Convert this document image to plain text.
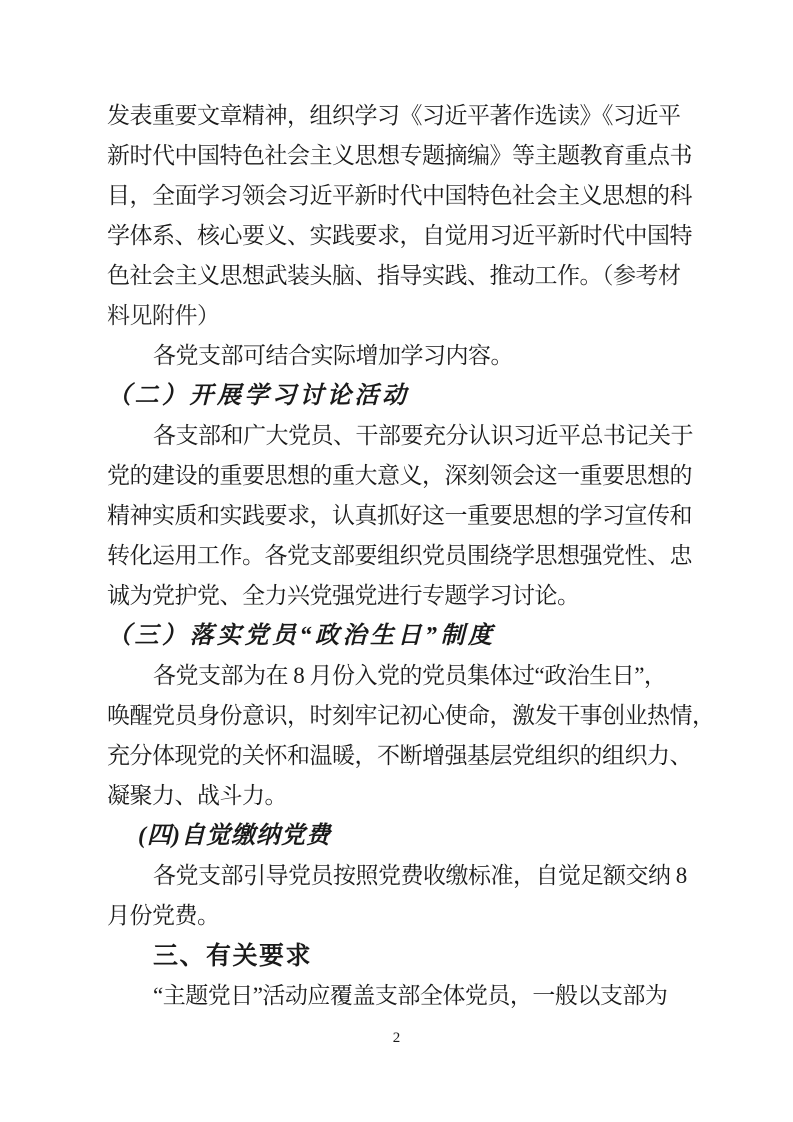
发表重要文章精神，组织学习《习近平著作选读》《习近平
新时代中国特色社会主义思想专题摘编》等主题教育重点书
目，全面学习领会习近平新时代中国特色社会主义思想的科
学体系、核心要义、实践要求，自觉用习近平新时代中国特
色社会主义思想武装头脑、指导实践、推动工作。（参考材
料见附件）
各党支部可结合实际增加学习内容。
（二）开展学习讨论活动
各支部和广大党员、干部要充分认识习近平总书记关于
党的建设的重要思想的重大意义，深刻领会这一重要思想的
精神实质和实践要求，认真抓好这一重要思想的学习宣传和
转化运用工作。各党支部要组织党员围绕学思想强党性、忠
诚为党护党、全力兴党强党进行专题学习讨论。
（三）落实党员“政治生日”制度
各党支部为在 8 月份入党的党员集体过“政治生日”，
唤醒党员身份意识，时刻牢记初心使命，激发干事创业热情，
充分体现党的关怀和温暖，不断增强基层党组织的组织力、
凝聚力、战斗力。
(四)自觉缴纳党费
各党支部引导党员按照党费收缴标准，自觉足额交纳 8
月份党费。
三、有关要求
“主题党日”活动应覆盖支部全体党员，一般以支部为
2
